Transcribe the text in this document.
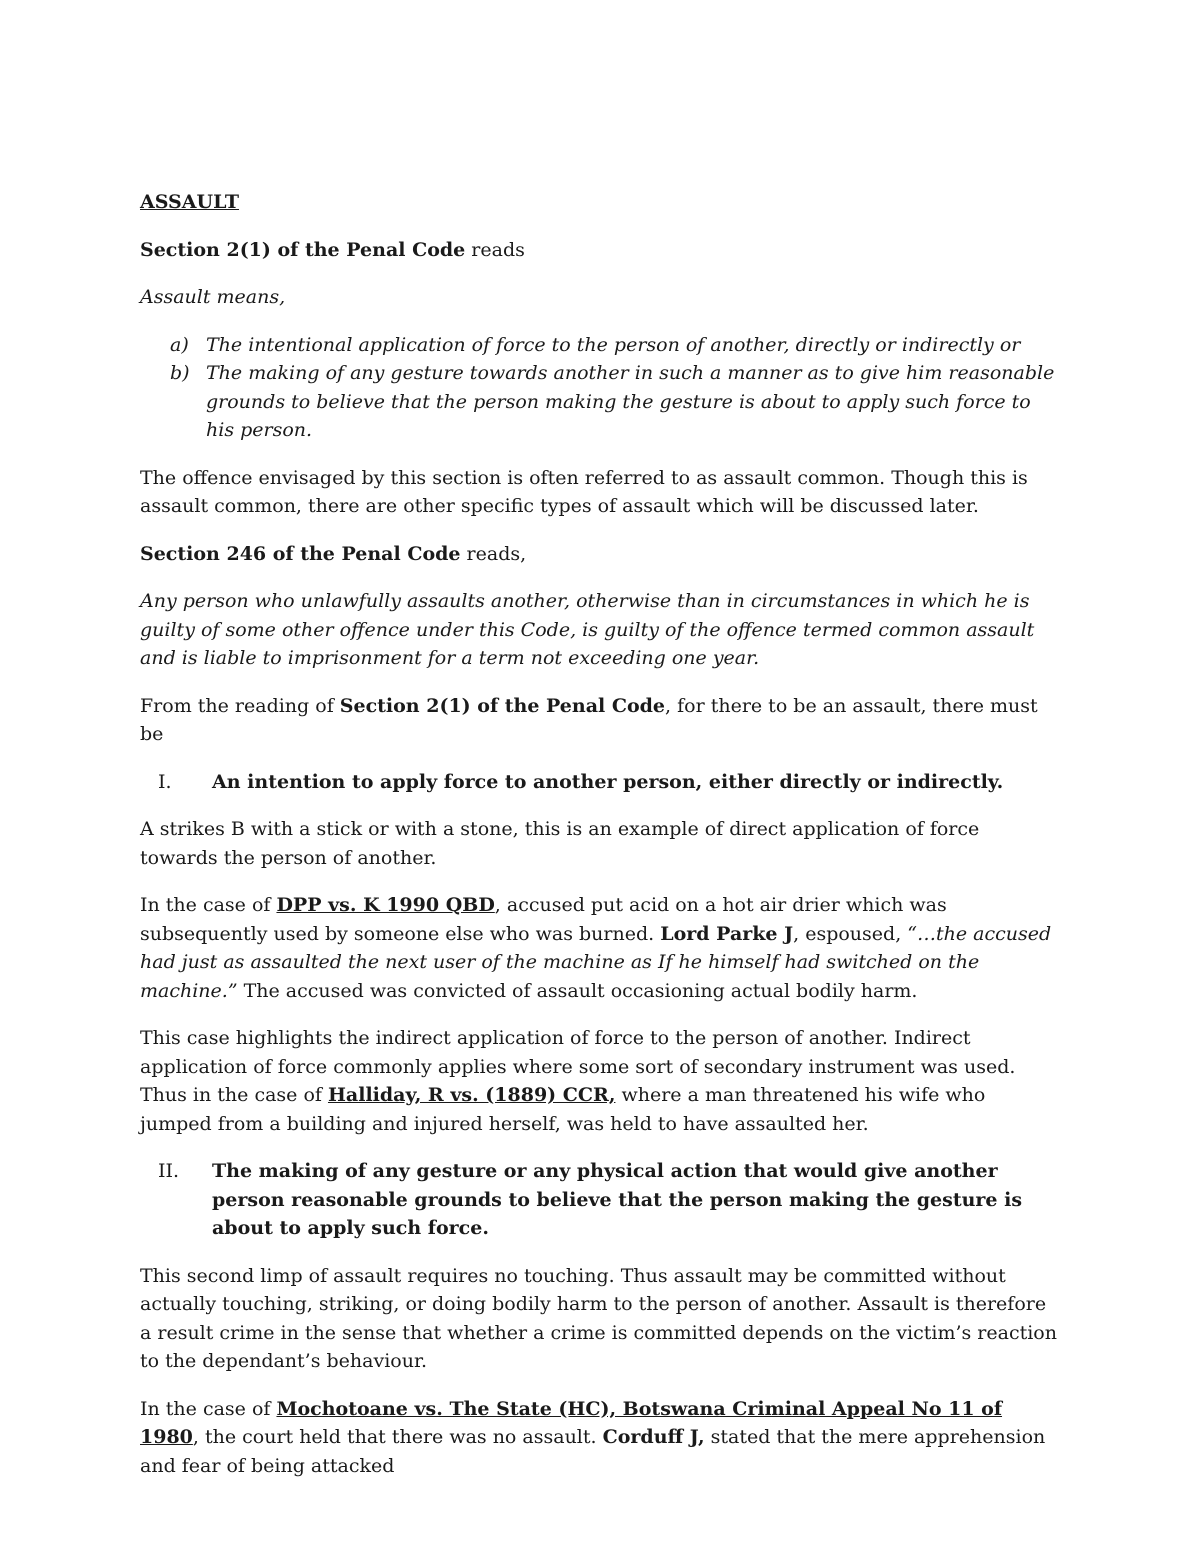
ASSAULT

Section 2(1) of the Penal Code reads

Assault means,

a) The intentional application of force to the person of another, directly or indirectly or
b) The making of any gesture towards another in such a manner as to give him reasonable grounds to believe that the person making the gesture is about to apply such force to his person.

The offence envisaged by this section is often referred to as assault common. Though this is assault common, there are other specific types of assault which will be discussed later.

Section 246 of the Penal Code reads,

Any person who unlawfully assaults another, otherwise than in circumstances in which he is guilty of some other offence under this Code, is guilty of the offence termed common assault and is liable to imprisonment for a term not exceeding one year.

From the reading of Section 2(1) of the Penal Code, for there to be an assault, there must be

I.	An intention to apply force to another person, either directly or indirectly.

A strikes B with a stick or with a stone, this is an example of direct application of force towards the person of another.

In the case of DPP vs. K 1990 QBD, accused put acid on a hot air drier which was subsequently used by someone else who was burned. Lord Parke J, espoused, “…the accused had just as assaulted the next user of the machine as If he himself had switched on the machine.” The accused was convicted of assault occasioning actual bodily harm.

This case highlights the indirect application of force to the person of another. Indirect application of force commonly applies where some sort of secondary instrument was used. Thus in the case of Halliday, R vs. (1889) CCR, where a man threatened his wife who jumped from a building and injured herself, was held to have assaulted her.

II.	The making of any gesture or any physical action that would give another person reasonable grounds to believe that the person making the gesture is about to apply such force.

This second limp of assault requires no touching. Thus assault may be committed without actually touching, striking, or doing bodily harm to the person of another. Assault is therefore a result crime in the sense that whether a crime is committed depends on the victim’s reaction to the dependant’s behaviour.

In the case of Mochotoane vs. The State (HC), Botswana Criminal Appeal No 11 of 1980, the court held that there was no assault. Corduff J, stated that the mere apprehension and fear of being attacked
